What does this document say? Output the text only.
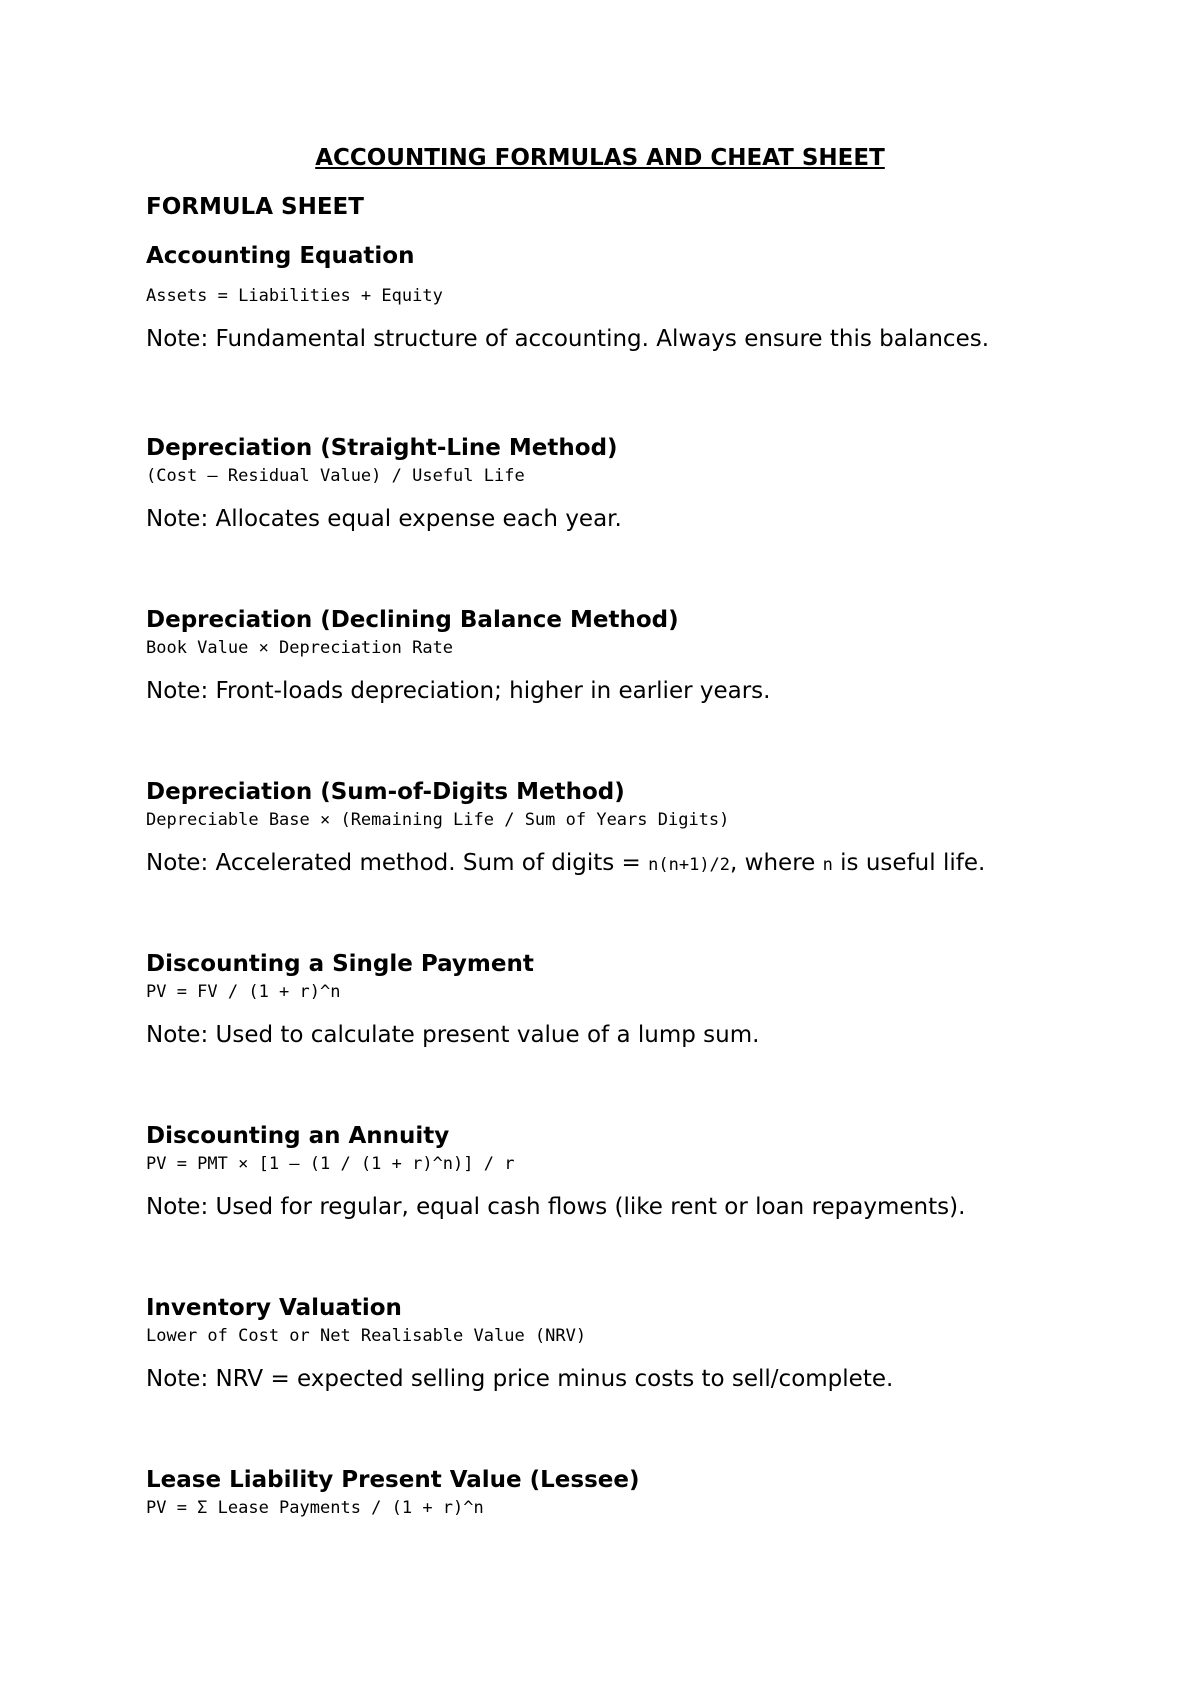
ACCOUNTING FORMULAS AND CHEAT SHEET
FORMULA SHEET
Accounting Equation
Assets = Liabilities + Equity

Note: Fundamental structure of accounting. Always ensure this balances.

Depreciation (Straight-Line Method)
(Cost – Residual Value) / Useful Life

Note: Allocates equal expense each year.

Depreciation (Declining Balance Method)
Book Value × Depreciation Rate

Note: Front-loads depreciation; higher in earlier years.

Depreciation (Sum-of-Digits Method)
Depreciable Base × (Remaining Life / Sum of Years Digits)

Note: Accelerated method. Sum of digits = n(n+1)/2, where n is useful life.

Discounting a Single Payment
PV = FV / (1 + r)^n

Note: Used to calculate present value of a lump sum.

Discounting an Annuity
PV = PMT × [1 – (1 / (1 + r)^n)] / r

Note: Used for regular, equal cash flows (like rent or loan repayments).

Inventory Valuation
Lower of Cost or Net Realisable Value (NRV)

Note: NRV = expected selling price minus costs to sell/complete.

Lease Liability Present Value (Lessee)
PV = Σ Lease Payments / (1 + r)^n
